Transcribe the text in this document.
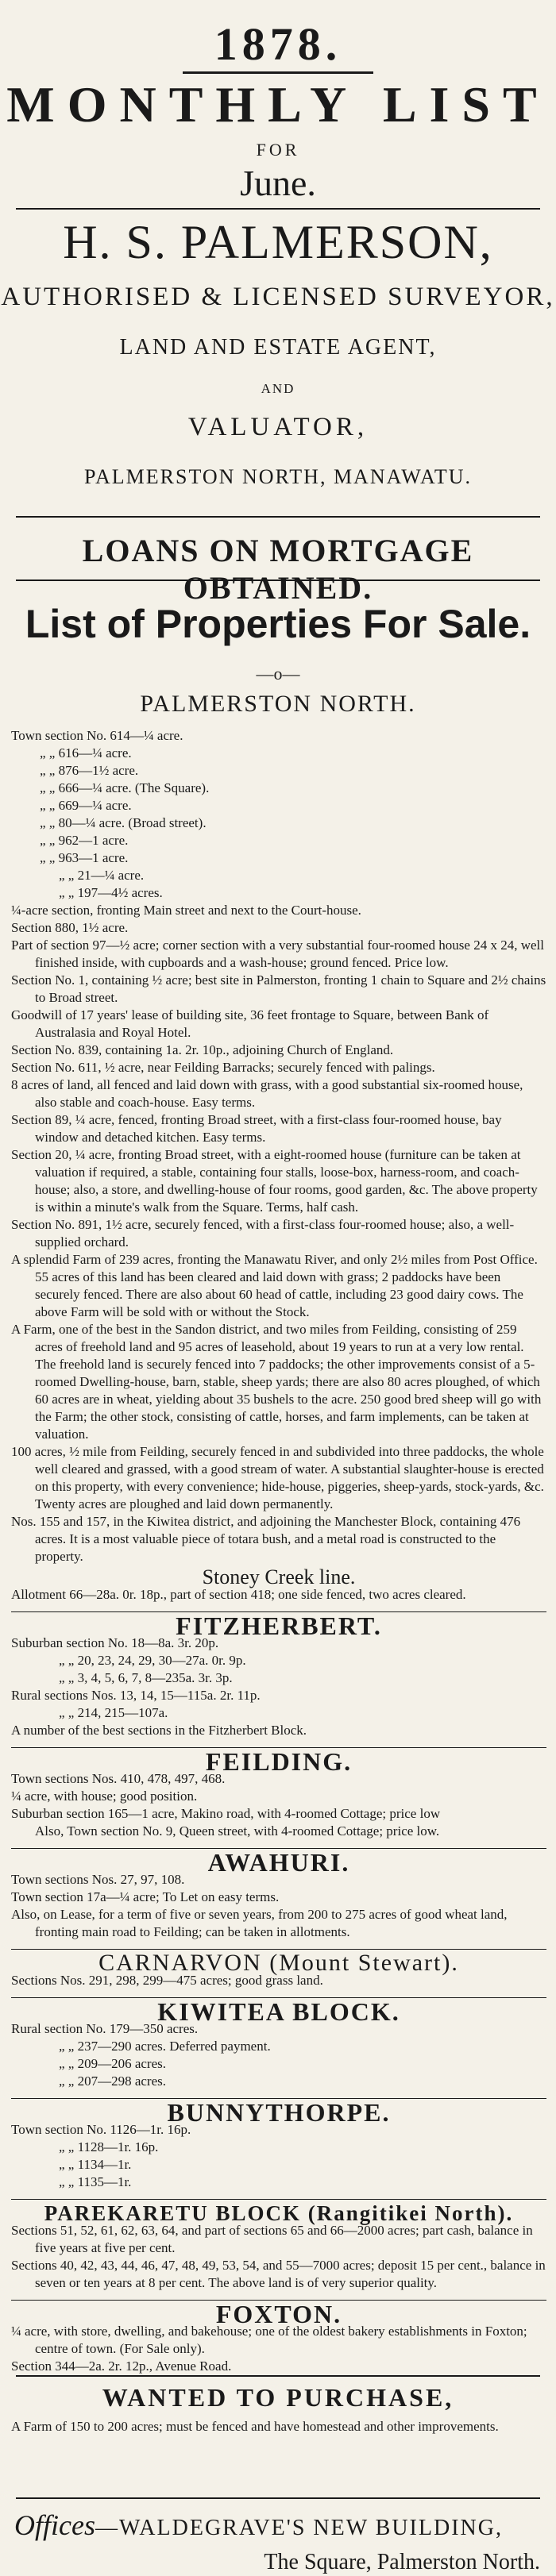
1878.
MONTHLY LIST
FOR
June.
H. S. PALMERSON,
AUTHORISED & LICENSED SURVEYOR,
LAND AND ESTATE AGENT,
AND
VALUATOR,
PALMERSTON NORTH, MANAWATU.
LOANS ON MORTGAGE OBTAINED.
List of Properties For Sale.
—o—
PALMERSTON NORTH.

Town section No. 614—¼ acre.

„ „ 616—¼ acre.

„ „ 876—1½ acre.

„ „ 666—¼ acre. (The Square).

„ „ 669—¼ acre.

„ „ 80—¼ acre. (Broad street).

„ „ 962—1 acre.

„ „ 963—1 acre.

„ „ 21—¼ acre.

„ „ 197—4½ acres.

¼-acre section, fronting Main street and next to the Court-house.

Section 880, 1½ acre.

Part of section 97—½ acre; corner section with a very substantial four-roomed house 24 x 24, well finished inside, with cupboards and a wash-house; ground fenced. Price low.

Section No. 1, containing ½ acre; best site in Palmerston, fronting 1 chain to Square and 2½ chains to Broad street.

Goodwill of 17 years' lease of building site, 36 feet frontage to Square, between Bank of Australasia and Royal Hotel.

Section No. 839, containing 1a. 2r. 10p., adjoining Church of England.

Section No. 611, ½ acre, near Feilding Barracks; securely fenced with palings.

8 acres of land, all fenced and laid down with grass, with a good substantial six-roomed house, also stable and coach-house. Easy terms.

Section 89, ¼ acre, fenced, fronting Broad street, with a first-class four-roomed house, bay window and detached kitchen. Easy terms.

Section 20, ¼ acre, fronting Broad street, with a eight-roomed house (furniture can be taken at valuation if required, a stable, containing four stalls, loose-box, harness-room, and coach-house; also, a store, and dwelling-house of four rooms, good garden, &c. The above property is within a minute's walk from the Square. Terms, half cash.

Section No. 891, 1½ acre, securely fenced, with a first-class four-roomed house; also, a well-supplied orchard.

A splendid Farm of 239 acres, fronting the Manawatu River, and only 2½ miles from Post Office. 55 acres of this land has been cleared and laid down with grass; 2 paddocks have been securely fenced. There are also about 60 head of cattle, including 23 good dairy cows. The above Farm will be sold with or without the Stock.

A Farm, one of the best in the Sandon district, and two miles from Feilding, consisting of 259 acres of freehold land and 95 acres of leasehold, about 19 years to run at a very low rental. The freehold land is securely fenced into 7 paddocks; the other improvements consist of a 5-roomed Dwelling-house, barn, stable, sheep yards; there are also 80 acres ploughed, of which 60 acres are in wheat, yielding about 35 bushels to the acre. 250 good bred sheep will go with the Farm; the other stock, consisting of cattle, horses, and farm implements, can be taken at valuation.

100 acres, ½ mile from Feilding, securely fenced in and subdivided into three paddocks, the whole well cleared and grassed, with a good stream of water. A substantial slaughter-house is erected on this property, with every convenience; hide-house, piggeries, sheep-yards, stock-yards, &c. Twenty acres are ploughed and laid down permanently.

Nos. 155 and 157, in the Kiwitea district, and adjoining the Manchester Block, containing 476 acres. It is a most valuable piece of totara bush, and a metal road is constructed to the property.

Stoney Creek line.

Allotment 66—28a. 0r. 18p., part of section 418; one side fenced, two acres cleared.

FITZHERBERT.

Suburban section No. 18—8a. 3r. 20p.

„ „ 20, 23, 24, 29, 30—27a. 0r. 9p.

„ „ 3, 4, 5, 6, 7, 8—235a. 3r. 3p.

Rural sections Nos. 13, 14, 15—115a. 2r. 11p.

„ „ 214, 215—107a.

A number of the best sections in the Fitzherbert Block.

FEILDING.

Town sections Nos. 410, 478, 497, 468.

¼ acre, with house; good position.

Suburban section 165—1 acre, Makino road, with 4-roomed Cottage; price low

Also, Town section No. 9, Queen street, with 4-roomed Cottage; price low.

AWAHURI.

Town sections Nos. 27, 97, 108.

Town section 17a—¼ acre; To Let on easy terms.

Also, on Lease, for a term of five or seven years, from 200 to 275 acres of good wheat land, fronting main road to Feilding; can be taken in allotments.

CARNARVON (Mount Stewart).

Sections Nos. 291, 298, 299—475 acres; good grass land.

KIWITEA BLOCK.

Rural section No. 179—350 acres.

„ „ 237—290 acres. Deferred payment.

„ „ 209—206 acres.

„ „ 207—298 acres.

BUNNYTHORPE.

Town section No. 1126—1r. 16p.

„ „ 1128—1r. 16p.

„ „ 1134—1r.

„ „ 1135—1r.

PAREKARETU BLOCK (Rangitikei North).

Sections 51, 52, 61, 62, 63, 64, and part of sections 65 and 66—2000 acres; part cash, balance in five years at five per cent.

Sections 40, 42, 43, 44, 46, 47, 48, 49, 53, 54, and 55—7000 acres; deposit 15 per cent., balance in seven or ten years at 8 per cent. The above land is of very superior quality.

FOXTON.

¼ acre, with store, dwelling, and bakehouse; one of the oldest bakery establishments in Foxton; centre of town. (For Sale only).

Section 344—2a. 2r. 12p., Avenue Road.

WANTED TO PURCHASE,

A Farm of 150 to 200 acres; must be fenced and have homestead and other improvements.

Offices—WALDEGRAVE'S NEW BUILDING,
The Square, Palmerston North.
